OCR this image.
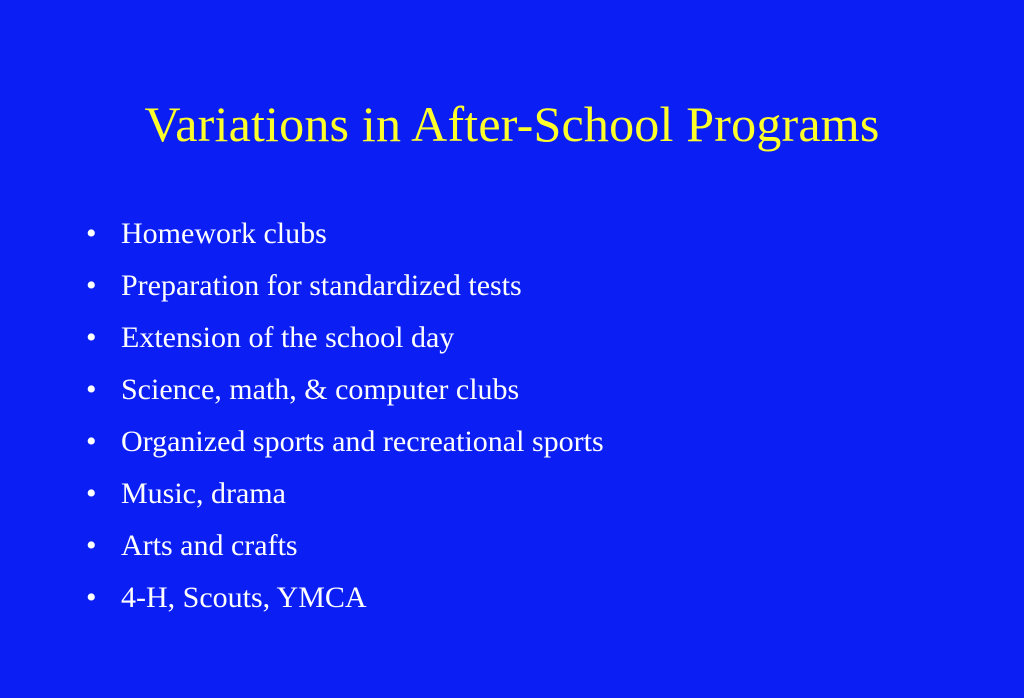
Variations in After-School Programs
• Homework clubs
• Preparation for standardized tests
• Extension of the school day
• Science, math, & computer clubs
• Organized sports and recreational sports
• Music, drama
• Arts and crafts
• 4-H, Scouts, YMCA
